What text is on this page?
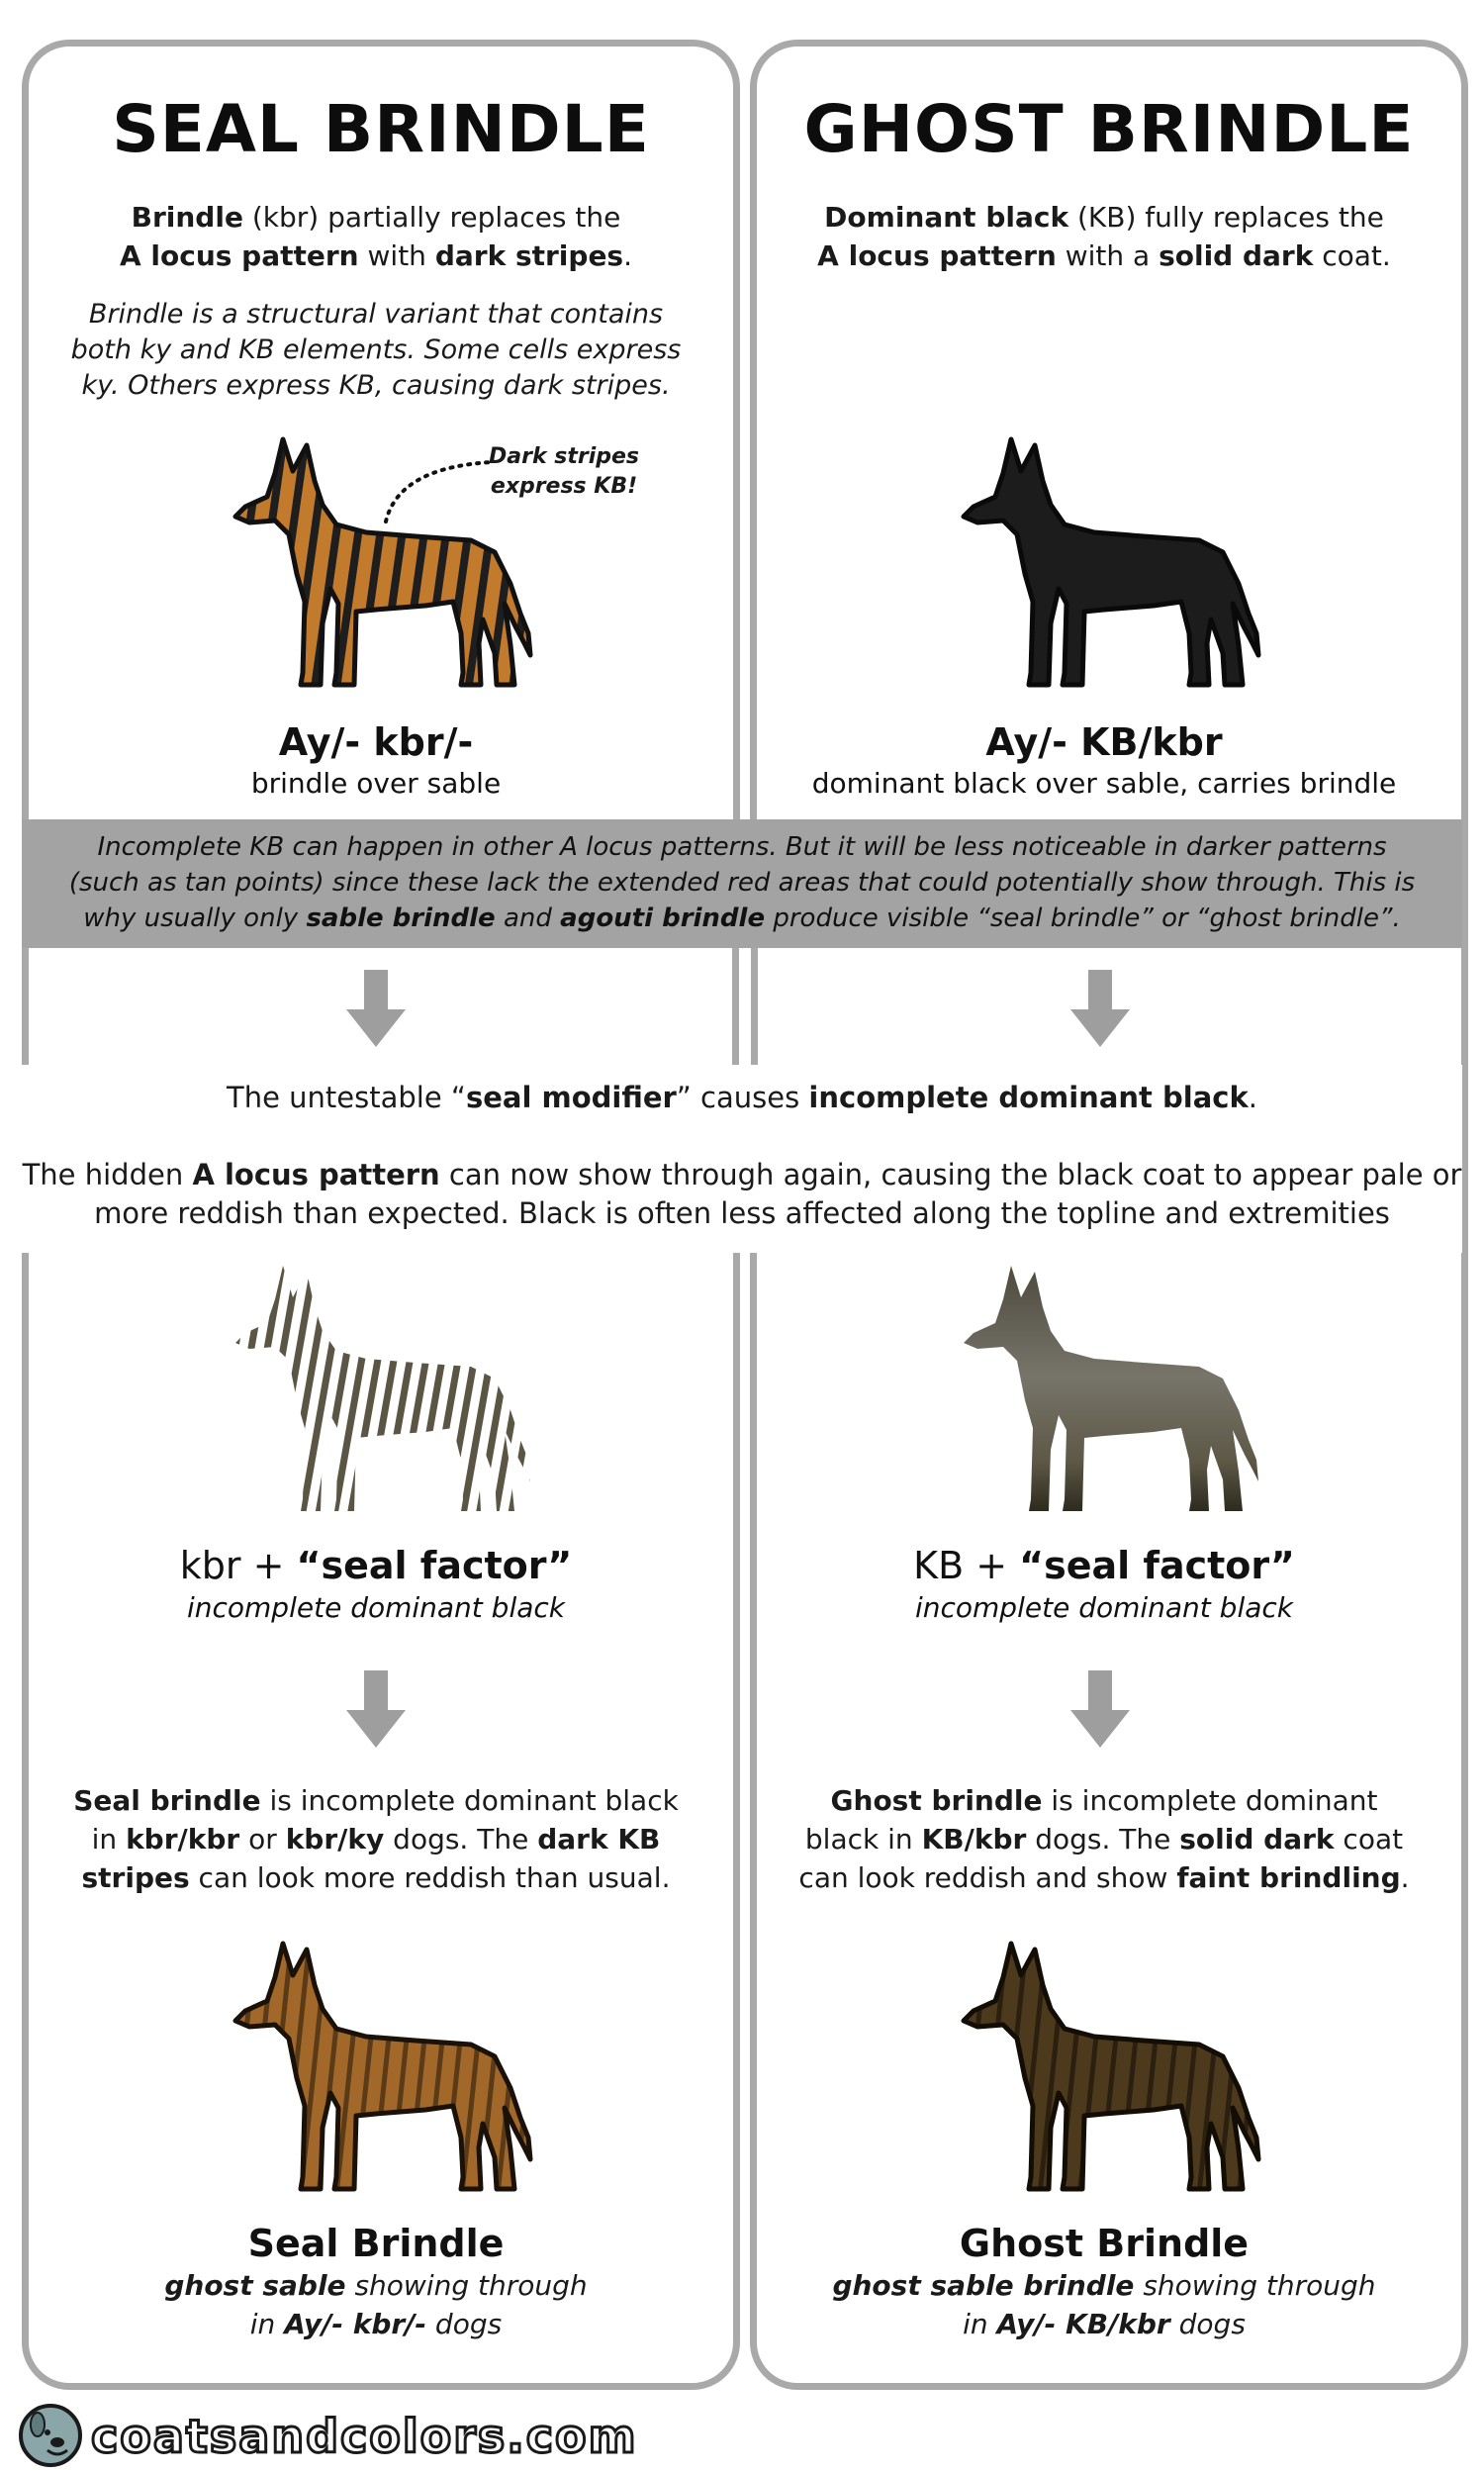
SEAL BRINDLE	GHOST BRINDLE
Brindle (kbr) partially replaces the
A locus pattern with dark stripes.
Brindle is a structural variant that contains
both ky and KB elements. Some cells express
ky. Others express KB, causing dark stripes.
Dominant black (KB) fully replaces the
A locus pattern with a solid dark coat.
Dark stripes
express KB!
Ay/- kbr/-
brindle over sable
Ay/- KB/kbr
dominant black over sable, carries brindle
Incomplete KB can happen in other A locus patterns. But it will be less noticeable in darker patterns
(such as tan points) since these lack the extended red areas that could potentially show through. This is
why usually only sable brindle and agouti brindle produce visible “seal brindle” or “ghost brindle”.
The untestable “seal modifier” causes incomplete dominant black.
The hidden A locus pattern can now show through again, causing the black coat to appear pale or
more reddish than expected. Black is often less affected along the topline and extremities
kbr + “seal factor”
incomplete dominant black
KB + “seal factor”
incomplete dominant black
Seal brindle is incomplete dominant black
in kbr/kbr or kbr/ky dogs. The dark KB
stripes can look more reddish than usual.
Ghost brindle is incomplete dominant
black in KB/kbr dogs. The solid dark coat
can look reddish and show faint brindling.
Seal Brindle
ghost sable showing through
in Ay/- kbr/- dogs
Ghost Brindle
ghost sable brindle showing through
in Ay/- KB/kbr dogs
coatsandcolors.com
